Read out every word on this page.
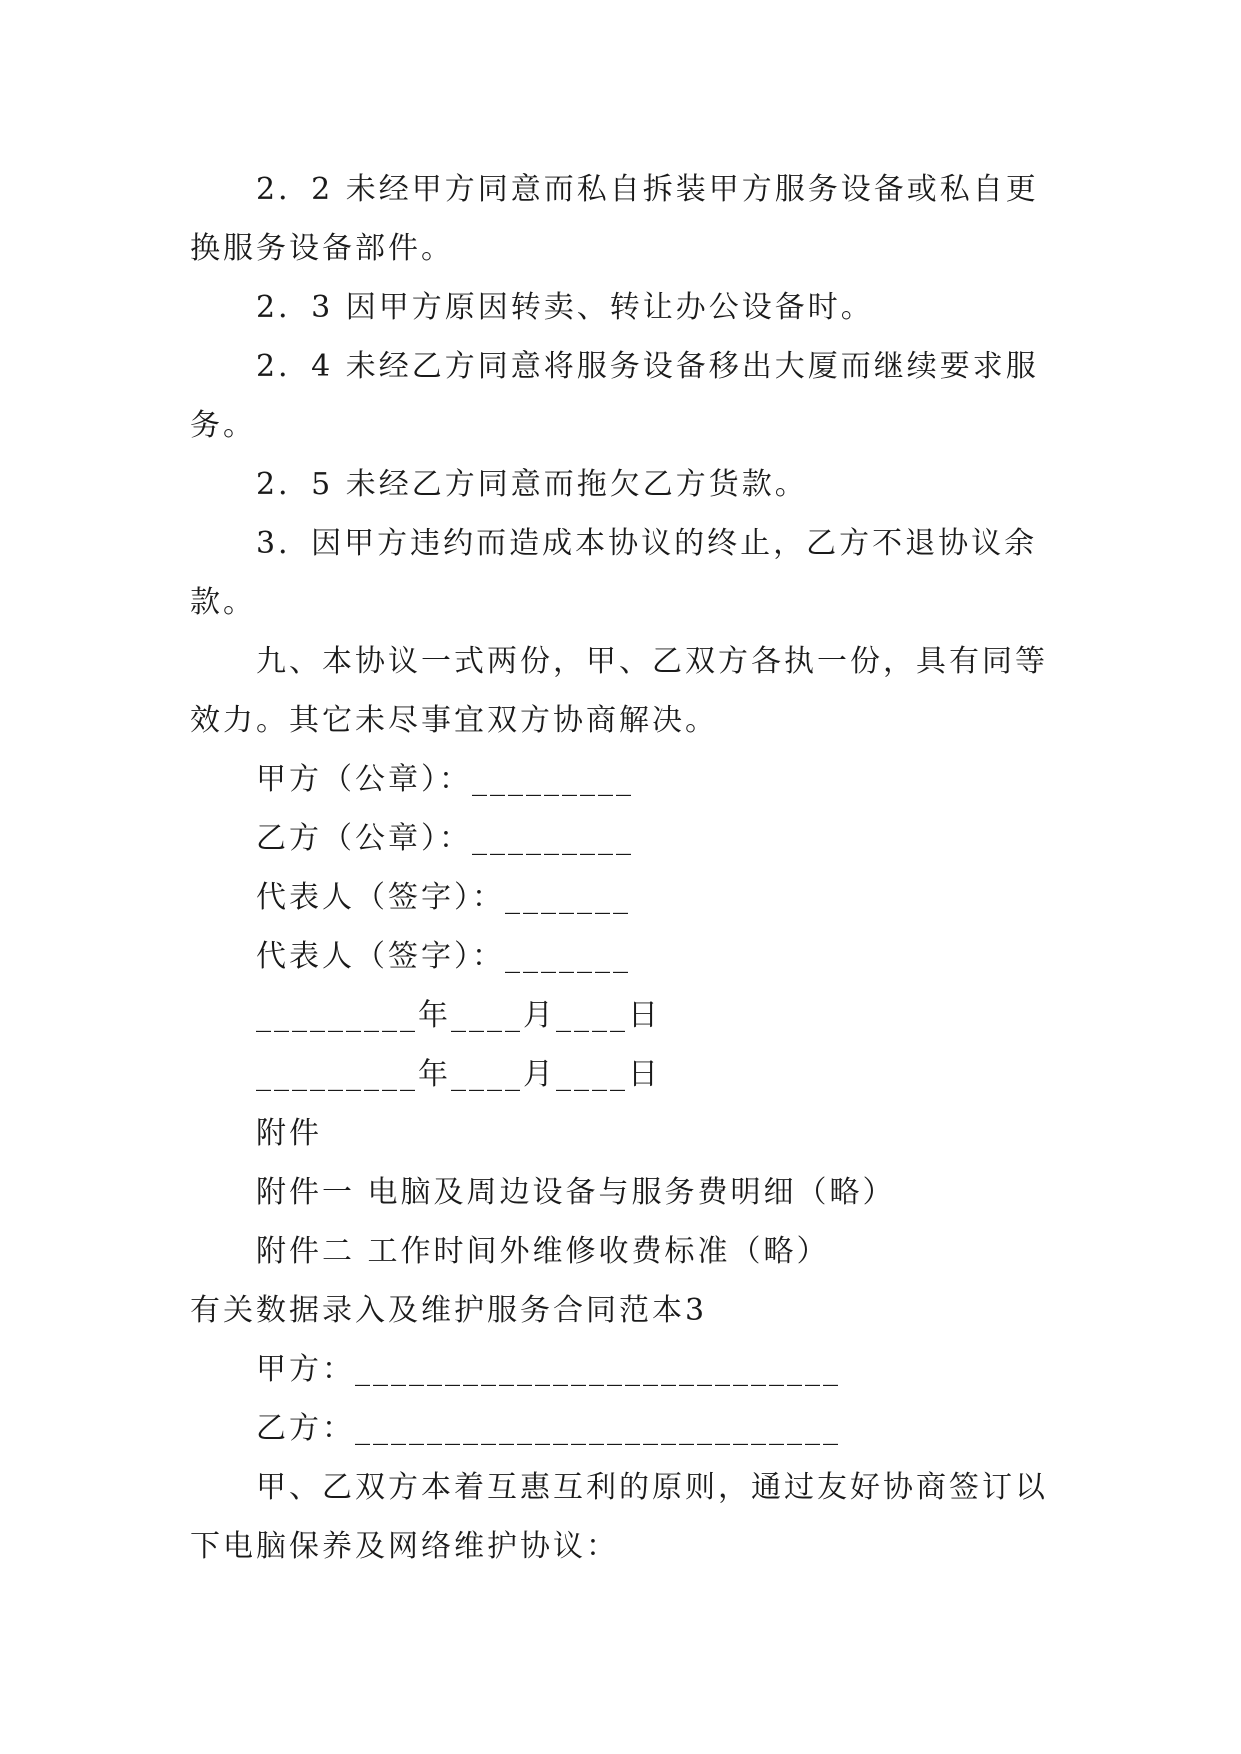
2．2 未经甲方同意而私自拆装甲方服务设备或私自更换服务设备部件。

2．3 因甲方原因转卖、转让办公设备时。

2．4 未经乙方同意将服务设备移出大厦而继续要求服务。

2．5 未经乙方同意而拖欠乙方货款。

3．因甲方违约而造成本协议的终止，乙方不退协议余款。

九、本协议一式两份，甲、乙双方各执一份，具有同等效力。其它未尽事宜双方协商解决。

甲方（公章）：_________

乙方（公章）：_________

代表人（签字）：_______

代表人（签字）：_______

_________年____月____日

_________年____月____日

附件

附件一 电脑及周边设备与服务费明细（略）

附件二 工作时间外维修收费标准（略）

有关数据录入及维护服务合同范本3

甲方：___________________________

乙方：___________________________

甲、乙双方本着互惠互利的原则，通过友好协商签订以下电脑保养及网络维护协议：
